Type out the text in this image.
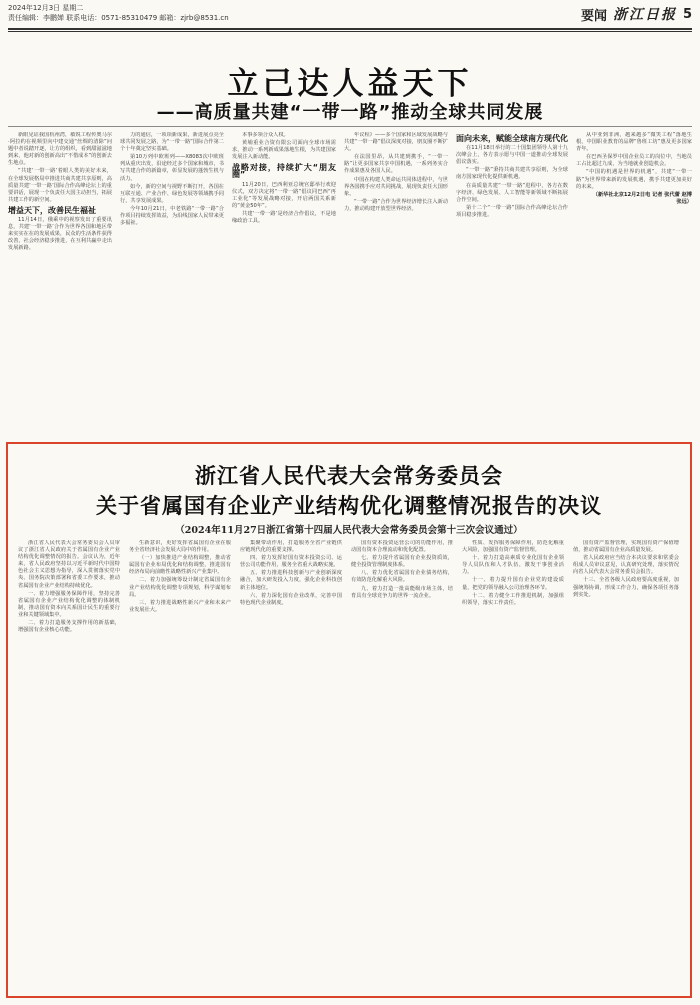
2024年12月3日 星期二
责任编辑：李鹏婵 联系电话：0571-85310479 邮箱：zjrb@8531.cn	要闻 浙江日报 5
立己达人益天下
——高质量共建“一带一路”推动全球共同发展

新眼见证我国杭州湾，敏锐工程传奥马尔·阿拉约在视频里向中建交通“丝绸的清除”问题中者说踏开逐，让方的组织，看到甜滋滋地到来，他对新的创新高出“不惜成本”的创新去生地点。

“共建‘一带一路’着眼人类的美好未来，在全球发展格局中推进共商共建共享原则，高质量共建‘一带一路’国际合作高峰论坛上的重要讲话，展现一个负责任大国主动担当，拓展共建工作的新空间。

增益天下，改善民生福祉

11月14日，俄乘中的视察发出了重要讯息，共建‘一带一路’合作为世界各国和地区带来实实在在的发展成果，民众的生活条件获得改善，社会经济稳步推进，在互利共赢中走出发展新路。

力的通信，一项项新成果，新进展点亮全球共同发展之路，为“一带一路”国际合作第二个十年奠定坚实基础。

第10万列中欧班列——X8083次中欧班列从重庆出发，沿途经过多个国家和城市，书写共建合作的新篇章，彰显发展的蓬勃生机与活力。

如今，新的空间与视野不断打开，各国在互联互通、产业合作、绿色发展等领域携手同行，共享发展成果。

今年10月21日，中老铁路“一带一路”合作项目持续发挥效益，为沿线国家人民带来更多福祉。

本事多领合众人权。

黄埔重业合资有限公司面向全球市场需求，推动一系列新成果落地生根，为共建国家发展注入新动能。

战略对接，持续扩大“朋友圈”

11月20日，巴西利亚总统官邸举行欢迎仪式，双方决定将“一带一路”倡议同巴西“再工业化”等发展战略对接，开启两国关系新的“黄金50年”。

共建‘一带一路’是经济合作倡议，不是地缘政治工具。

年议程》——多个国家和区域发展战略与共建“一带一路”倡议深度对接，朋友圈不断扩大。

在法国里昂，从共建到携手，“一带一路”让更多国家共享中国机遇，一系列务实合作成果惠及各国人民。

中国在构建人类命运共同体进程中，与世界各国携手应对共同挑战，展现负责任大国形象。

“一带一路”合作为世界经济增长注入新动力，推动构建开放型世界经济。

面向未来，赋能全球南方现代化

在11月18日举行的二十国集团领导人第十九次峰会上，各方表示愿与中国一道推动全球发展倡议落实。

“一带一路”秉持共商共建共享原则，为全球南方国家现代化提供新机遇。

在高质量共建“一带一路”进程中，各方在数字经济、绿色发展、人工智能等新领域不断拓展合作空间。

第十二个“一带一路”国际合作高峰论坛合作项目稳步推进。

从中亚到非洲，越来越多“微笑工程”落地生根，中国职业教育的品牌“鲁班工坊”惠及更多国家青年。

在巴西圣保罗中国企业员工的岗位中，当地员工占比超过九成，为当地就业创造机会。

“中国的机遇是世界的机遇”，共建“一带一路”为世界带来新的发展机遇，携手共建更加美好的未来。

（新华社北京12月2日电 记者 张代蕾 赵博 张远）

浙江省人民代表大会常务委员会
关于省属国有企业产业结构优化调整情况报告的决议
（2024年11月27日浙江省第十四届人民代表大会常务委员会第十三次会议通过）

浙江省人民代表大会常务委员会人员审议了浙江省人民政府关于省属国有企业产业结构优化调整情况的报告。会议认为，近年来，省人民政府坚持以习近平新时代中国特色社会主义思想为指导，深入贯彻落实党中央、国务院决策部署和省委工作要求，推动省属国有企业产业结构持续优化。

一、着力增强服务保障作用，坚持完善省属国有企业产业结构优化调整的体制机制，推动国有资本向关系国计民生的重要行业和关键领域集中。

二、着力打造服务支撑作用的新基础，增强国有企业核心功能。

生新意识，更好发挥省属国有企业在服务全省经济社会发展大局中的作用。

（一）加快推进产业结构调整，推动省属国有企业布局优化和结构调整，推进国有经济布局向前瞻性战略性新兴产业集中。

二、着力加强统筹设计制定省属国有企业产业结构优化调整专项规划，科学谋划布局。

三、着力推进战略性新兴产业和未来产业发展壮大。

集聚带动作用，打造服务全省产业链供应链现代化的重要支撑。

四、着力发挥好国有资本投资公司、运营公司功能作用，服务全省重大战略实施。

五、着力推进科技创新与产业创新深度融合，加大研发投入力度，强化企业科技创新主体地位。

六、着力深化国有企业改革，完善中国特色现代企业制度。

国有资本投资运营公司的功能作用，推动国有资本合理流动和优化配置。

七、着力提升省属国有企业投资质效，健全投资管理制度体系。

八、着力优化省属国有企业债务结构，有效防范化解重大风险。

九、着力打造一批高能级市场主体，培育具有全球竞争力的世界一流企业。

性质、发挥服务保障作用，防范化解重大风险，加强国有资产监督管理。

十、着力打造高素质专业化国有企业领导人员队伍和人才队伍，激发干事创业活力。

十一、着力提升国有企业党的建设质量，把党的领导融入公司治理各环节。

十二、着力健全工作推进机制，加强组织领导，落实工作责任。

国有资产监督管理，实现国有资产保值增值，推动省属国有企业高质量发展。

省人民政府应当结合本决议要求和常委会组成人员审议意见，认真研究处理，落实情况向省人民代表大会常务委员会报告。

十三、全省各级人民政府要高度重视，加强统筹协调，形成工作合力，确保各项任务落到实处。
